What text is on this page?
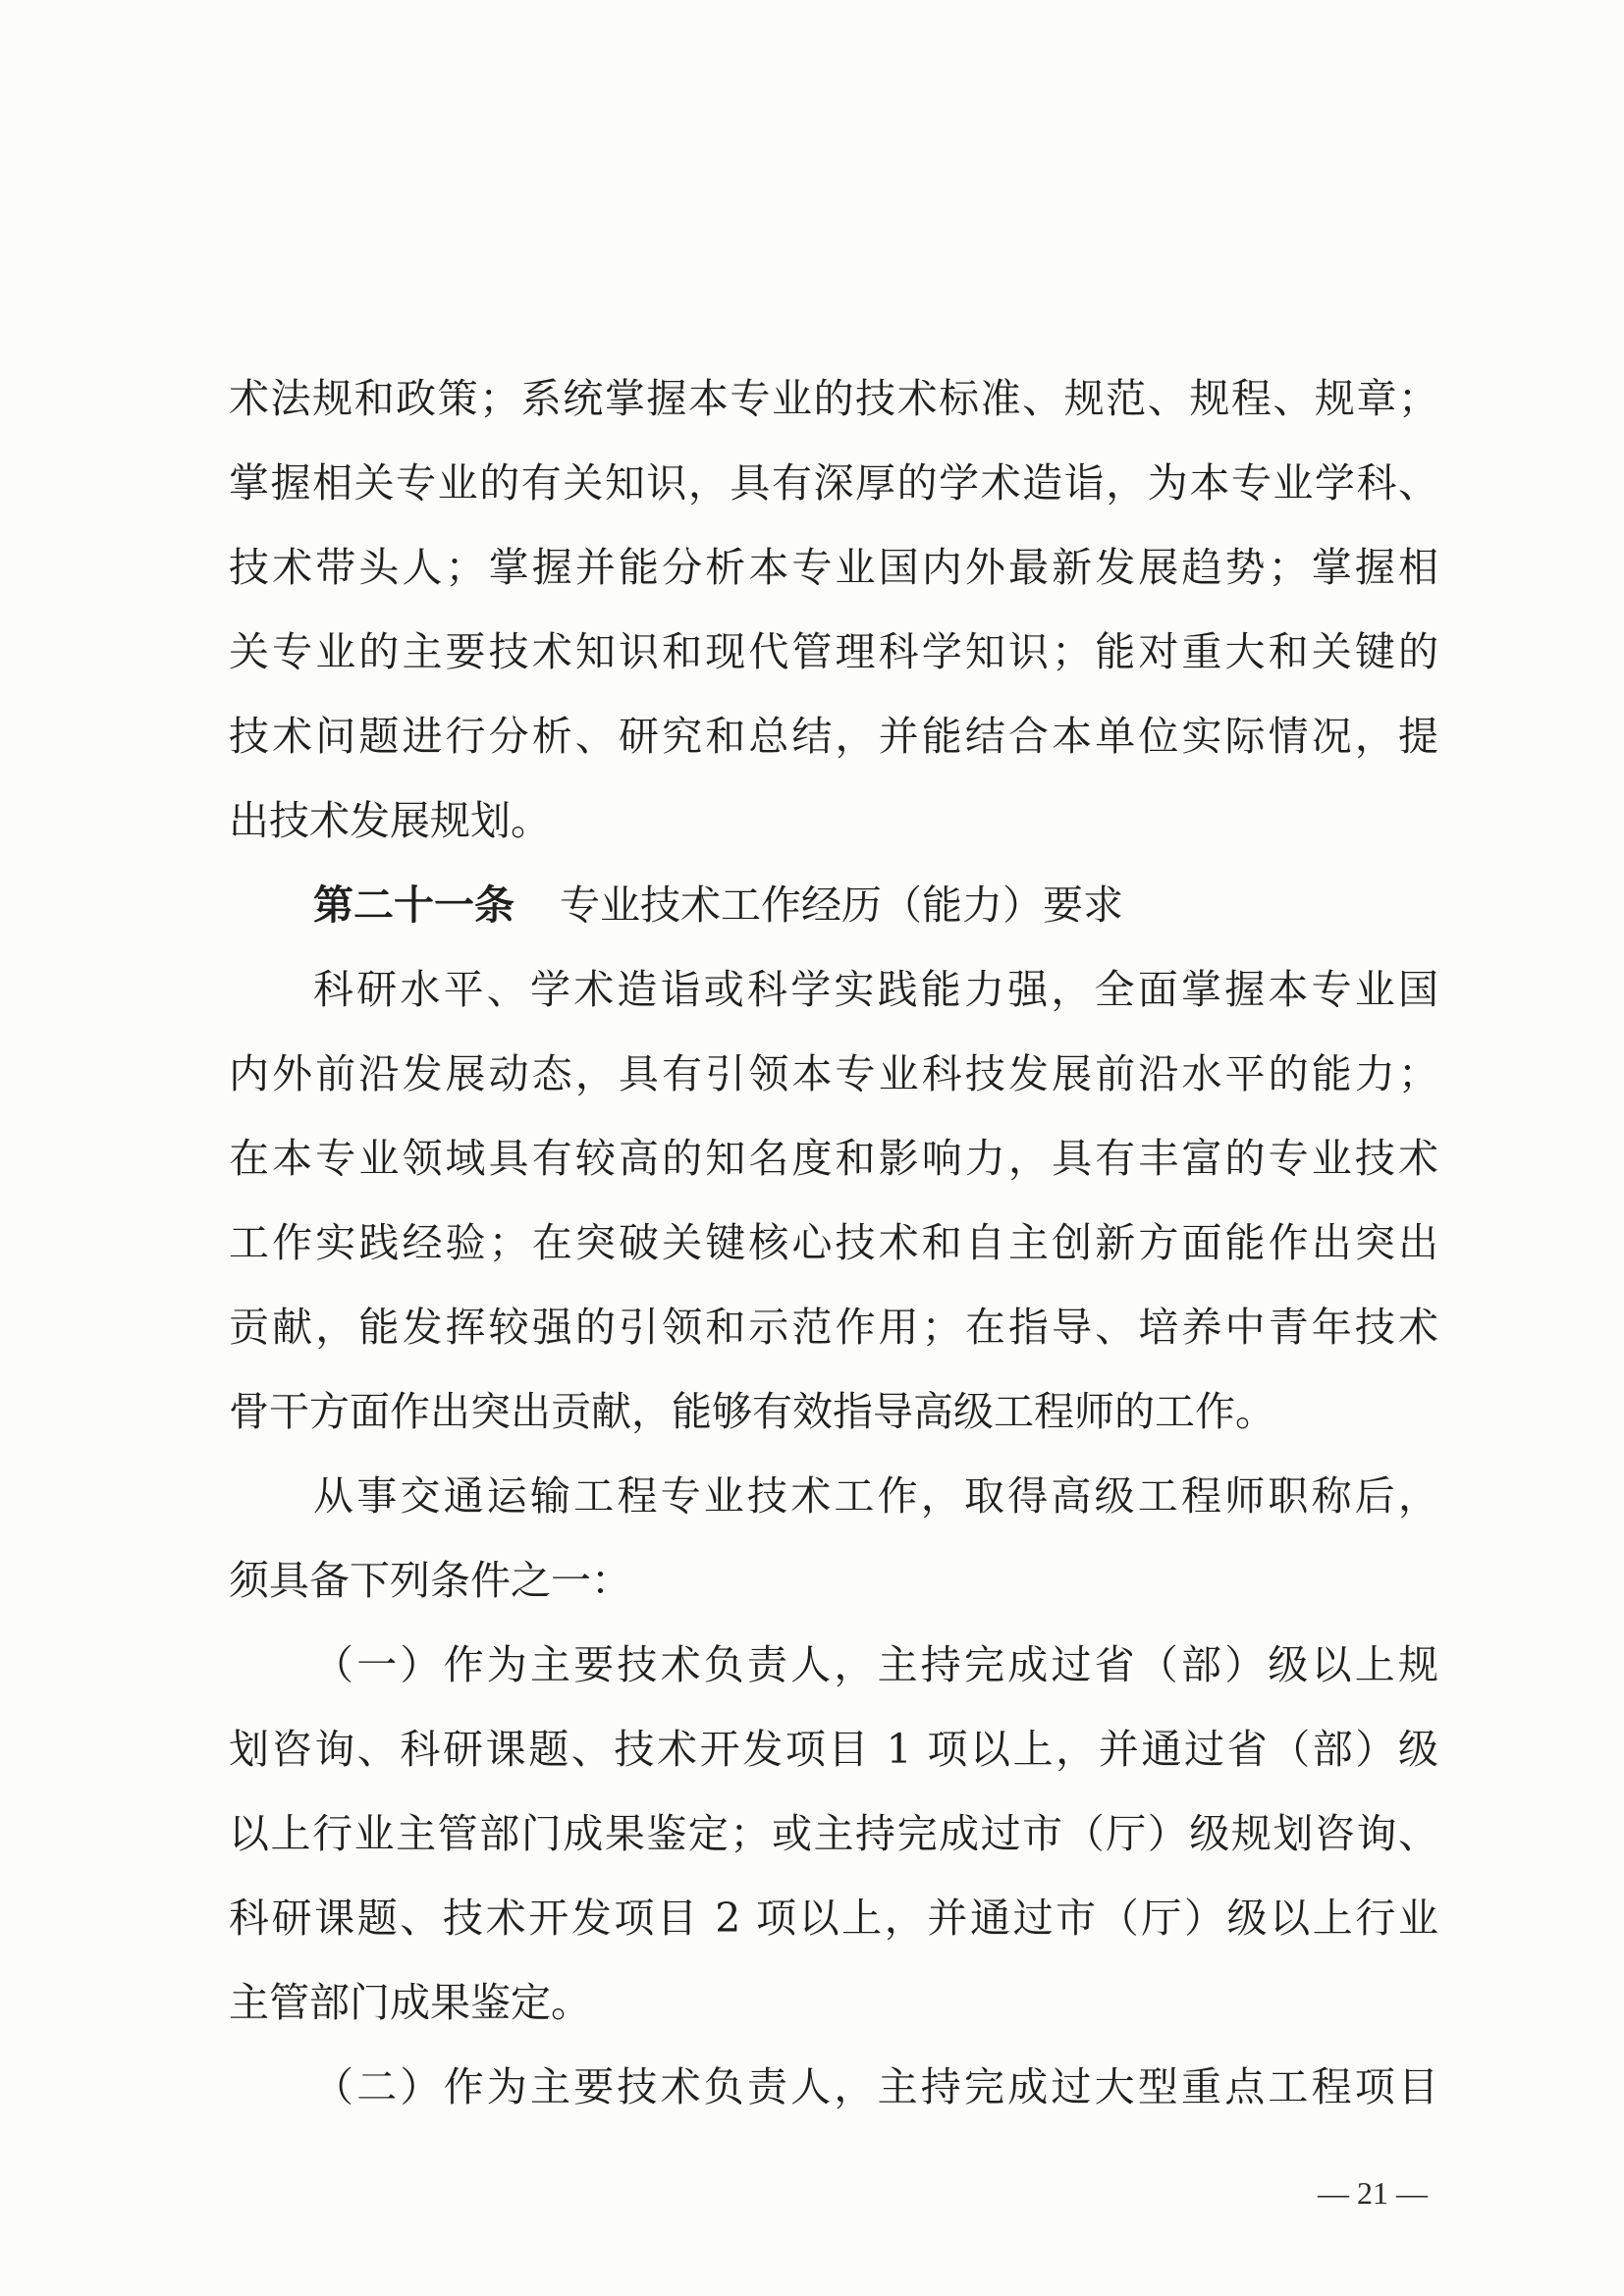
术法规和政策；系统掌握本专业的技术标准、规范、规程、规章；
掌握相关专业的有关知识，具有深厚的学术造诣，为本专业学科、
技术带头人；掌握并能分析本专业国内外最新发展趋势；掌握相
关专业的主要技术知识和现代管理科学知识；能对重大和关键的
技术问题进行分析、研究和总结，并能结合本单位实际情况，提
出技术发展规划。
第二十一条 专业技术工作经历（能力）要求
科研水平、学术造诣或科学实践能力强，全面掌握本专业国
内外前沿发展动态，具有引领本专业科技发展前沿水平的能力；
在本专业领域具有较高的知名度和影响力，具有丰富的专业技术
工作实践经验；在突破关键核心技术和自主创新方面能作出突出
贡献，能发挥较强的引领和示范作用；在指导、培养中青年技术
骨干方面作出突出贡献，能够有效指导高级工程师的工作。
从事交通运输工程专业技术工作，取得高级工程师职称后，
须具备下列条件之一：
（一）作为主要技术负责人，主持完成过省（部）级以上规
划咨询、科研课题、技术开发项目 1 项以上，并通过省（部）级
以上行业主管部门成果鉴定；或主持完成过市（厅）级规划咨询、
科研课题、技术开发项目 2 项以上，并通过市（厅）级以上行业
主管部门成果鉴定。
（二）作为主要技术负责人，主持完成过大型重点工程项目
— 21 —
